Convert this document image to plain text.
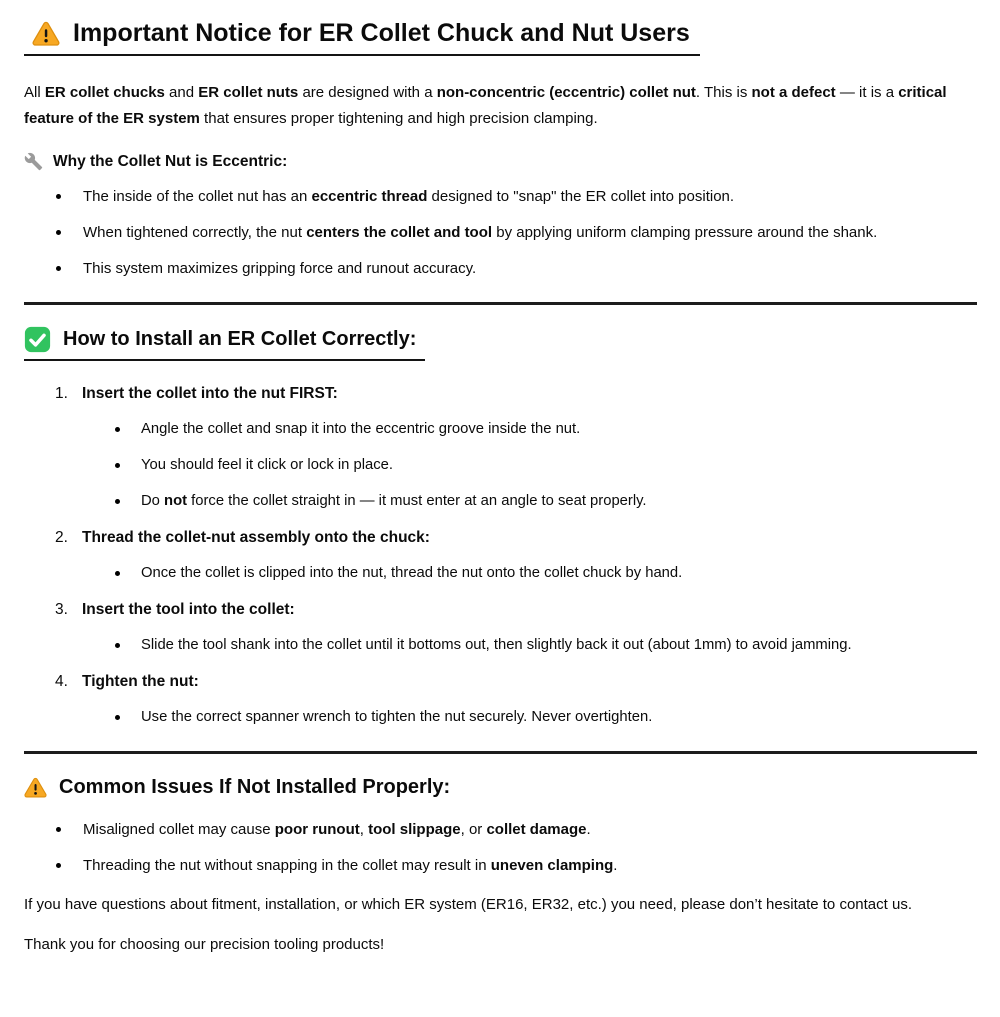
Important Notice for ER Collet Chuck and Nut Users

All ER collet chucks and ER collet nuts are designed with a non-concentric (eccentric) collet nut. This is not a defect — it is a critical feature of the ER system that ensures proper tightening and high precision clamping.

Why the Collet Nut is Eccentric:
The inside of the collet nut has an eccentric thread designed to "snap" the ER collet into position.
When tightened correctly, the nut centers the collet and tool by applying uniform clamping pressure around the shank.
This system maximizes gripping force and runout accuracy.
How to Install an ER Collet Correctly:
1. Insert the collet into the nut FIRST:
Angle the collet and snap it into the eccentric groove inside the nut.
You should feel it click or lock in place.
Do not force the collet straight in — it must enter at an angle to seat properly.
2. Thread the collet-nut assembly onto the chuck:
Once the collet is clipped into the nut, thread the nut onto the collet chuck by hand.
3. Insert the tool into the collet:
Slide the tool shank into the collet until it bottoms out, then slightly back it out (about 1mm) to avoid jamming.
4. Tighten the nut:
Use the correct spanner wrench to tighten the nut securely. Never overtighten.
Common Issues If Not Installed Properly:
Misaligned collet may cause poor runout, tool slippage, or collet damage.
Threading the nut without snapping in the collet may result in uneven clamping.

If you have questions about fitment, installation, or which ER system (ER16, ER32, etc.) you need, please don’t hesitate to contact us.

Thank you for choosing our precision tooling products!
